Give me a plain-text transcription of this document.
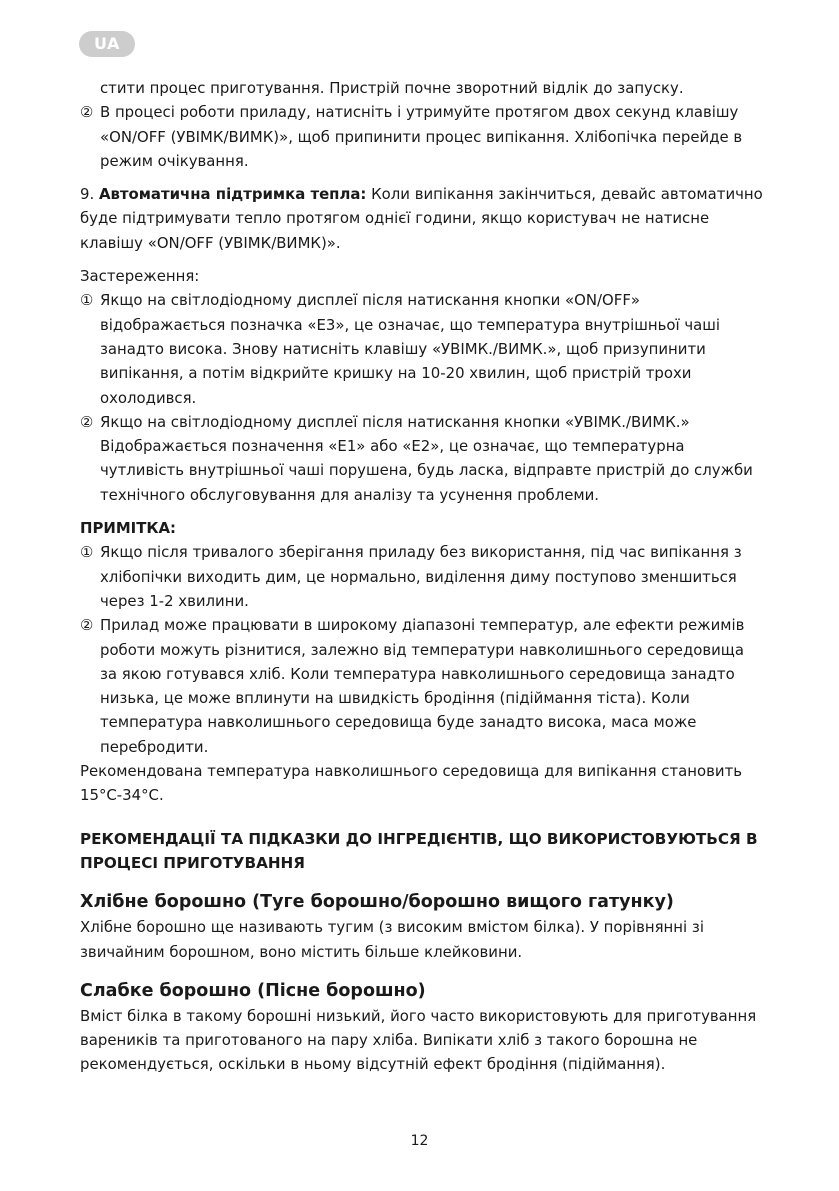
UA

стити процес приготування. Пристрій почне зворотний відлік до запуску.

② В процесі роботи приладу, натисніть і утримуйте протягом двох секунд клавішу «ON/OFF (УВІМК/ВИМК)», щоб припинити процес випікання. Хлібопічка перейде в режим очікування.

9. Автоматична підтримка тепла: Коли випікання закінчиться, девайс автоматично буде підтримувати тепло протягом однієї години, якщо користувач не натисне клавішу «ON/OFF (УВІМК/ВИМК)».

Застереження:

① Якщо на світлодіодному дисплеї після натискання кнопки «ON/OFF» відображається позначка «Е3», це означає, що температура внутрішньої чаші занадто висока. Знову натисніть клавішу «УВІМК./ВИМК.», щоб призупинити випікання, а потім відкрийте кришку на 10-20 хвилин, щоб пристрій трохи охолодився.
② Якщо на світлодіодному дисплеї після натискання кнопки «УВІМК./ВИМК.» Відображається позначення «Е1» або «Е2», це означає, що температурна чутливість внутрішньої чаші порушена, будь ласка, відправте пристрій до служби технічного обслуговування для аналізу та усунення проблеми.

ПРИМІТКА:

① Якщо після тривалого зберігання приладу без використання, під час випікання з хлібопічки виходить дим, це нормально, виділення диму поступово зменшиться через 1-2 хвилини.
② Прилад може працювати в широкому діапазоні температур, але ефекти режимів роботи можуть різнитися, залежно від температури навколишнього середовища за якою готувався хліб. Коли температура навколишнього середовища занадто низька, це може вплинути на швидкість бродіння (підіймання тіста). Коли температура навколишнього середовища буде занадто висока, маса може перебродити.

Рекомендована температура навколишнього середовища для випікання становить 15°С-34°С.

РЕКОМЕНДАЦІЇ ТА ПІДКАЗКИ ДО ІНГРЕДІЄНТІВ, ЩО ВИКОРИСТОВУЮТЬСЯ В ПРОЦЕСІ ПРИГОТУВАННЯ

Хлібне борошно (Туге борошно/борошно вищого гатунку)

Хлібне борошно ще називають тугим (з високим вмістом білка). У порівнянні зі звичайним борошном, воно містить більше клейковини.

Слабке борошно (Пісне борошно)

Вміст білка в такому борошні низький, його часто використовують для приготування вареників та приготованого на пару хліба. Випікати хліб з такого борошна не рекомендується, оскільки в ньому відсутній ефект бродіння (підіймання).

12
